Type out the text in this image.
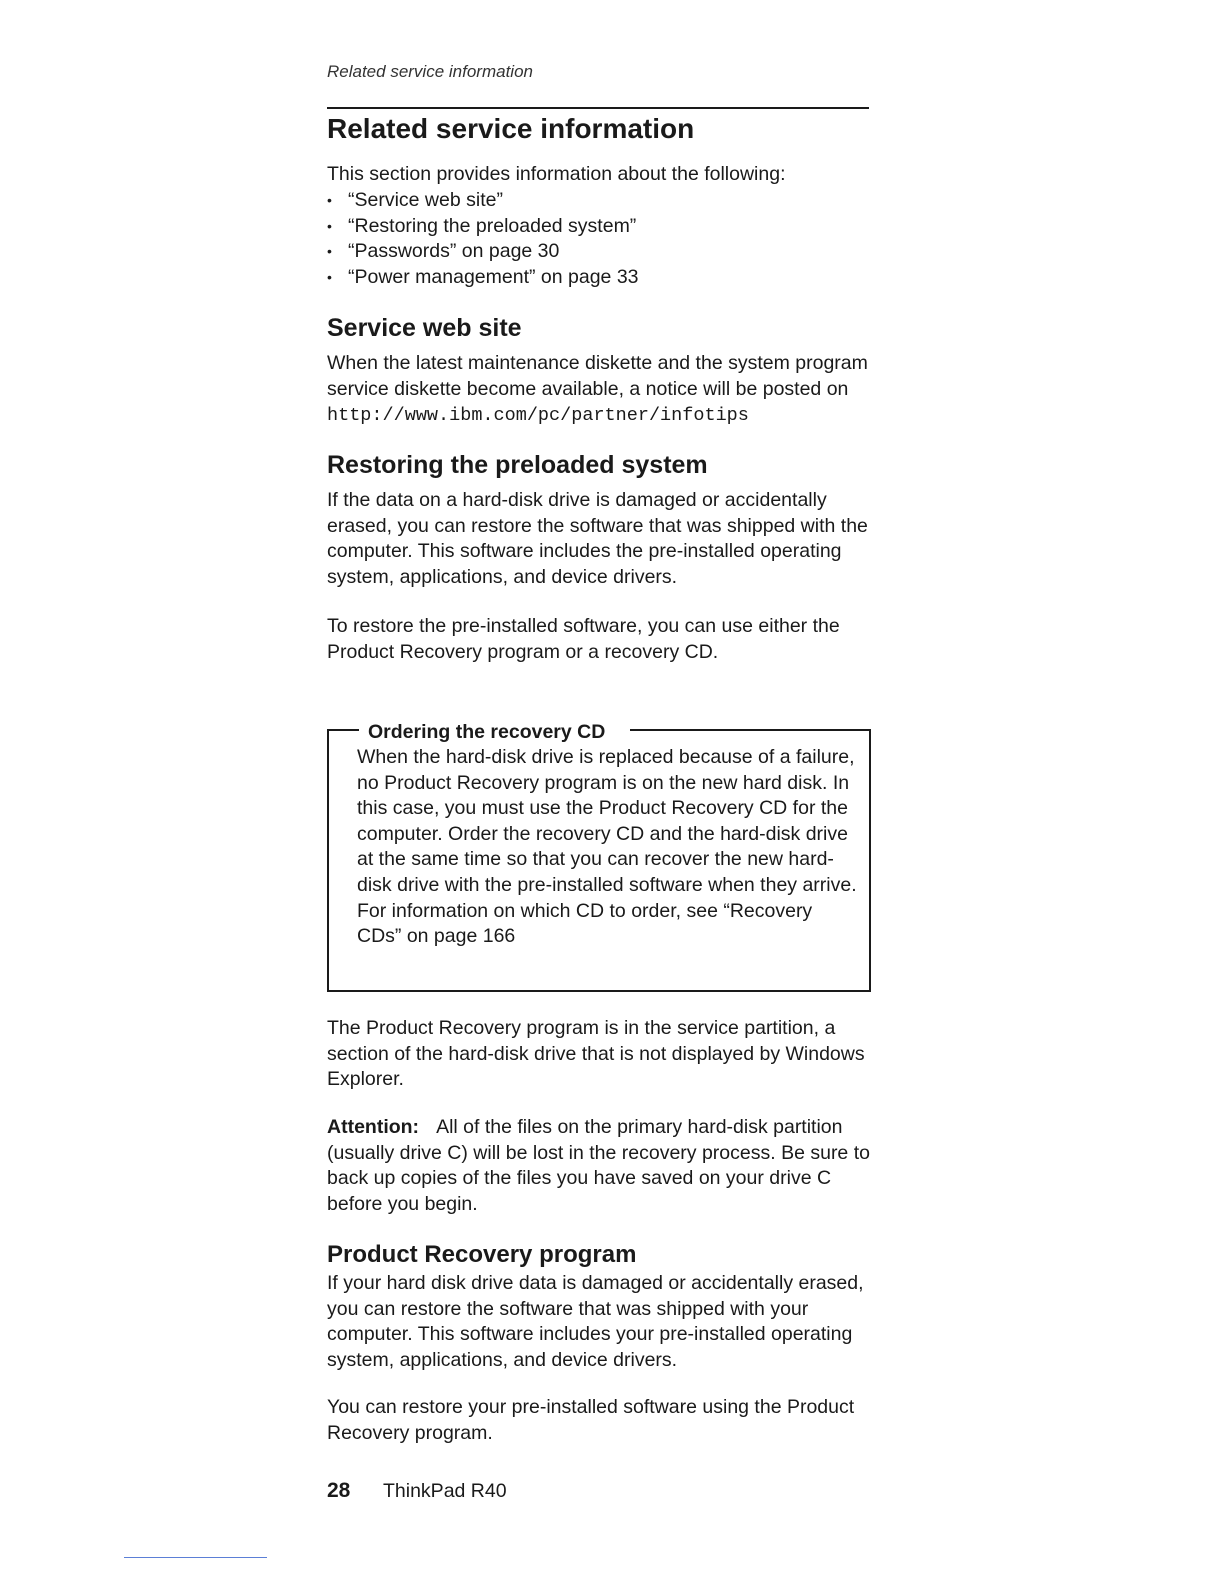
Related service information
Related service information

This section provides information about the following:

• “Service web site”
• “Restoring the preloaded system”
• “Passwords” on page 30
• “Power management” on page 33
Service web site

When the latest maintenance diskette and the system program service diskette become available, a notice will be posted on http://www.ibm.com/pc/partner/infotips

Restoring the preloaded system

If the data on a hard-disk drive is damaged or accidentally erased, you can restore the software that was shipped with the computer. This software includes the pre-installed operating system, applications, and device drivers.

To restore the pre-installed software, you can use either the Product Recovery program or a recovery CD.

Ordering the recovery CD

When the hard-disk drive is replaced because of a failure, no Product Recovery program is on the new hard disk. In this case, you must use the Product Recovery CD for the computer. Order the recovery CD and the hard-disk drive at the same time so that you can recover the new hard-disk drive with the pre-installed software when they arrive. For information on which CD to order, see “Recovery CDs” on page 166

The Product Recovery program is in the service partition, a section of the hard-disk drive that is not displayed by Windows Explorer.

Attention: All of the files on the primary hard-disk partition (usually drive C) will be lost in the recovery process. Be sure to back up copies of the files you have saved on your drive C before you begin.

Product Recovery program

If your hard disk drive data is damaged or accidentally erased, you can restore the software that was shipped with your computer. This software includes your pre-installed operating system, applications, and device drivers.

You can restore your pre-installed software using the Product Recovery program.

28 ThinkPad R40
